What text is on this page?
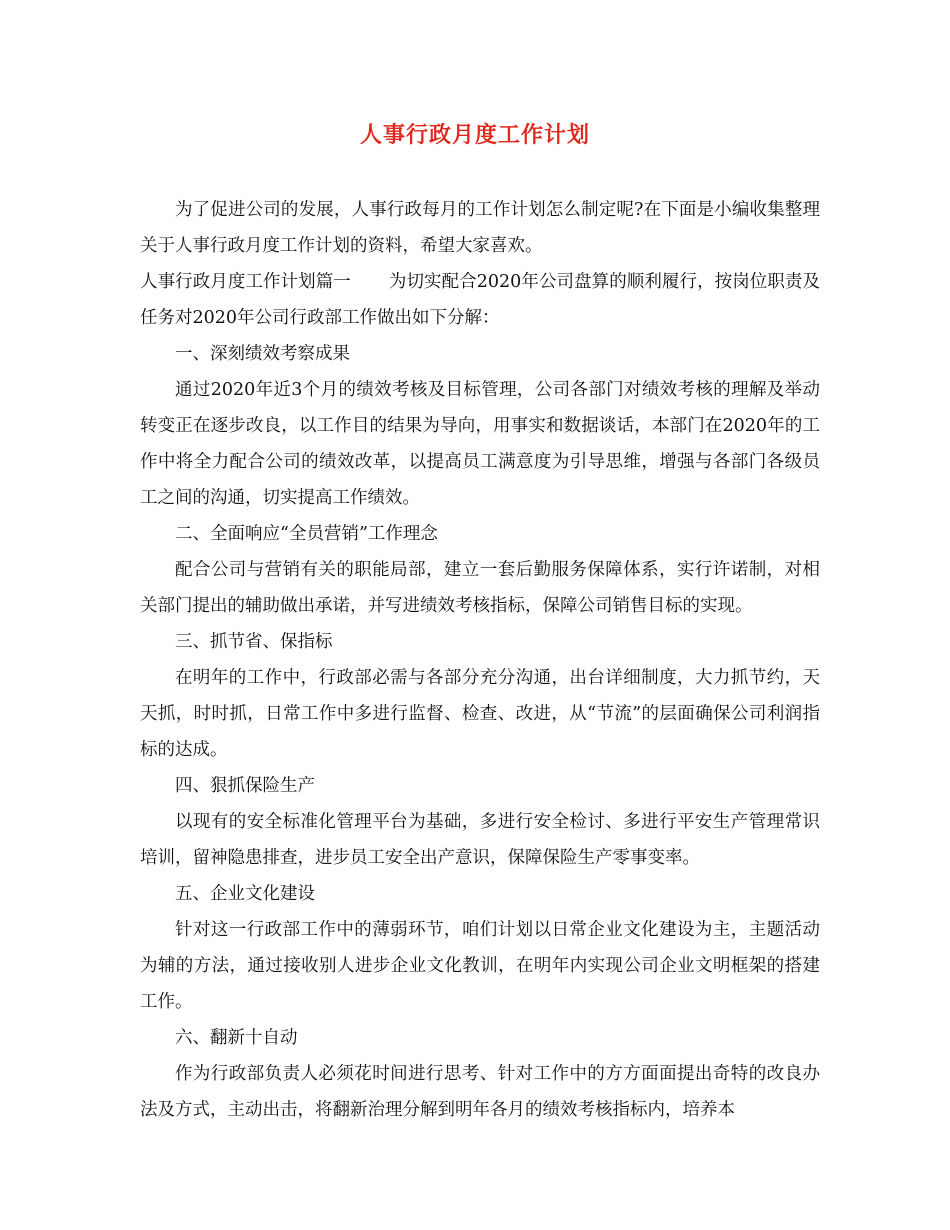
人事行政月度工作计划

为了促进公司的发展，人事行政每月的工作计划怎么制定呢?在下面是小编收集整理关于人事行政月度工作计划的资料，希望大家喜欢。

人事行政月度工作计划篇一 为切实配合2020年公司盘算的顺利履行，按岗位职责及任务对2020年公司行政部工作做出如下分解：

一、深刻绩效考察成果

通过2020年近3个月的绩效考核及目标管理，公司各部门对绩效考核的理解及举动转变正在逐步改良，以工作目的结果为导向，用事实和数据谈话，本部门在2020年的工作中将全力配合公司的绩效改革，以提高员工满意度为引导思维，增强与各部门各级员工之间的沟通，切实提高工作绩效。

二、全面响应“全员营销”工作理念

配合公司与营销有关的职能局部，建立一套后勤服务保障体系，实行许诺制，对相关部门提出的辅助做出承诺，并写进绩效考核指标，保障公司销售目标的实现。

三、抓节省、保指标

在明年的工作中，行政部必需与各部分充分沟通，出台详细制度，大力抓节约，天天抓，时时抓，日常工作中多进行监督、检查、改进，从“节流”的层面确保公司利润指标的达成。

四、狠抓保险生产

以现有的安全标准化管理平台为基础，多进行安全检讨、多进行平安生产管理常识培训，留神隐患排查，进步员工安全出产意识，保障保险生产零事变率。

五、企业文化建设

针对这一行政部工作中的薄弱环节，咱们计划以日常企业文化建设为主，主题活动为辅的方法，通过接收别人进步企业文化教训，在明年内实现公司企业文明框架的搭建工作。

六、翻新十自动

作为行政部负责人必须花时间进行思考、针对工作中的方方面面提出奇特的改良办法及方式，主动出击，将翻新治理分解到明年各月的绩效考核指标内，培养本
